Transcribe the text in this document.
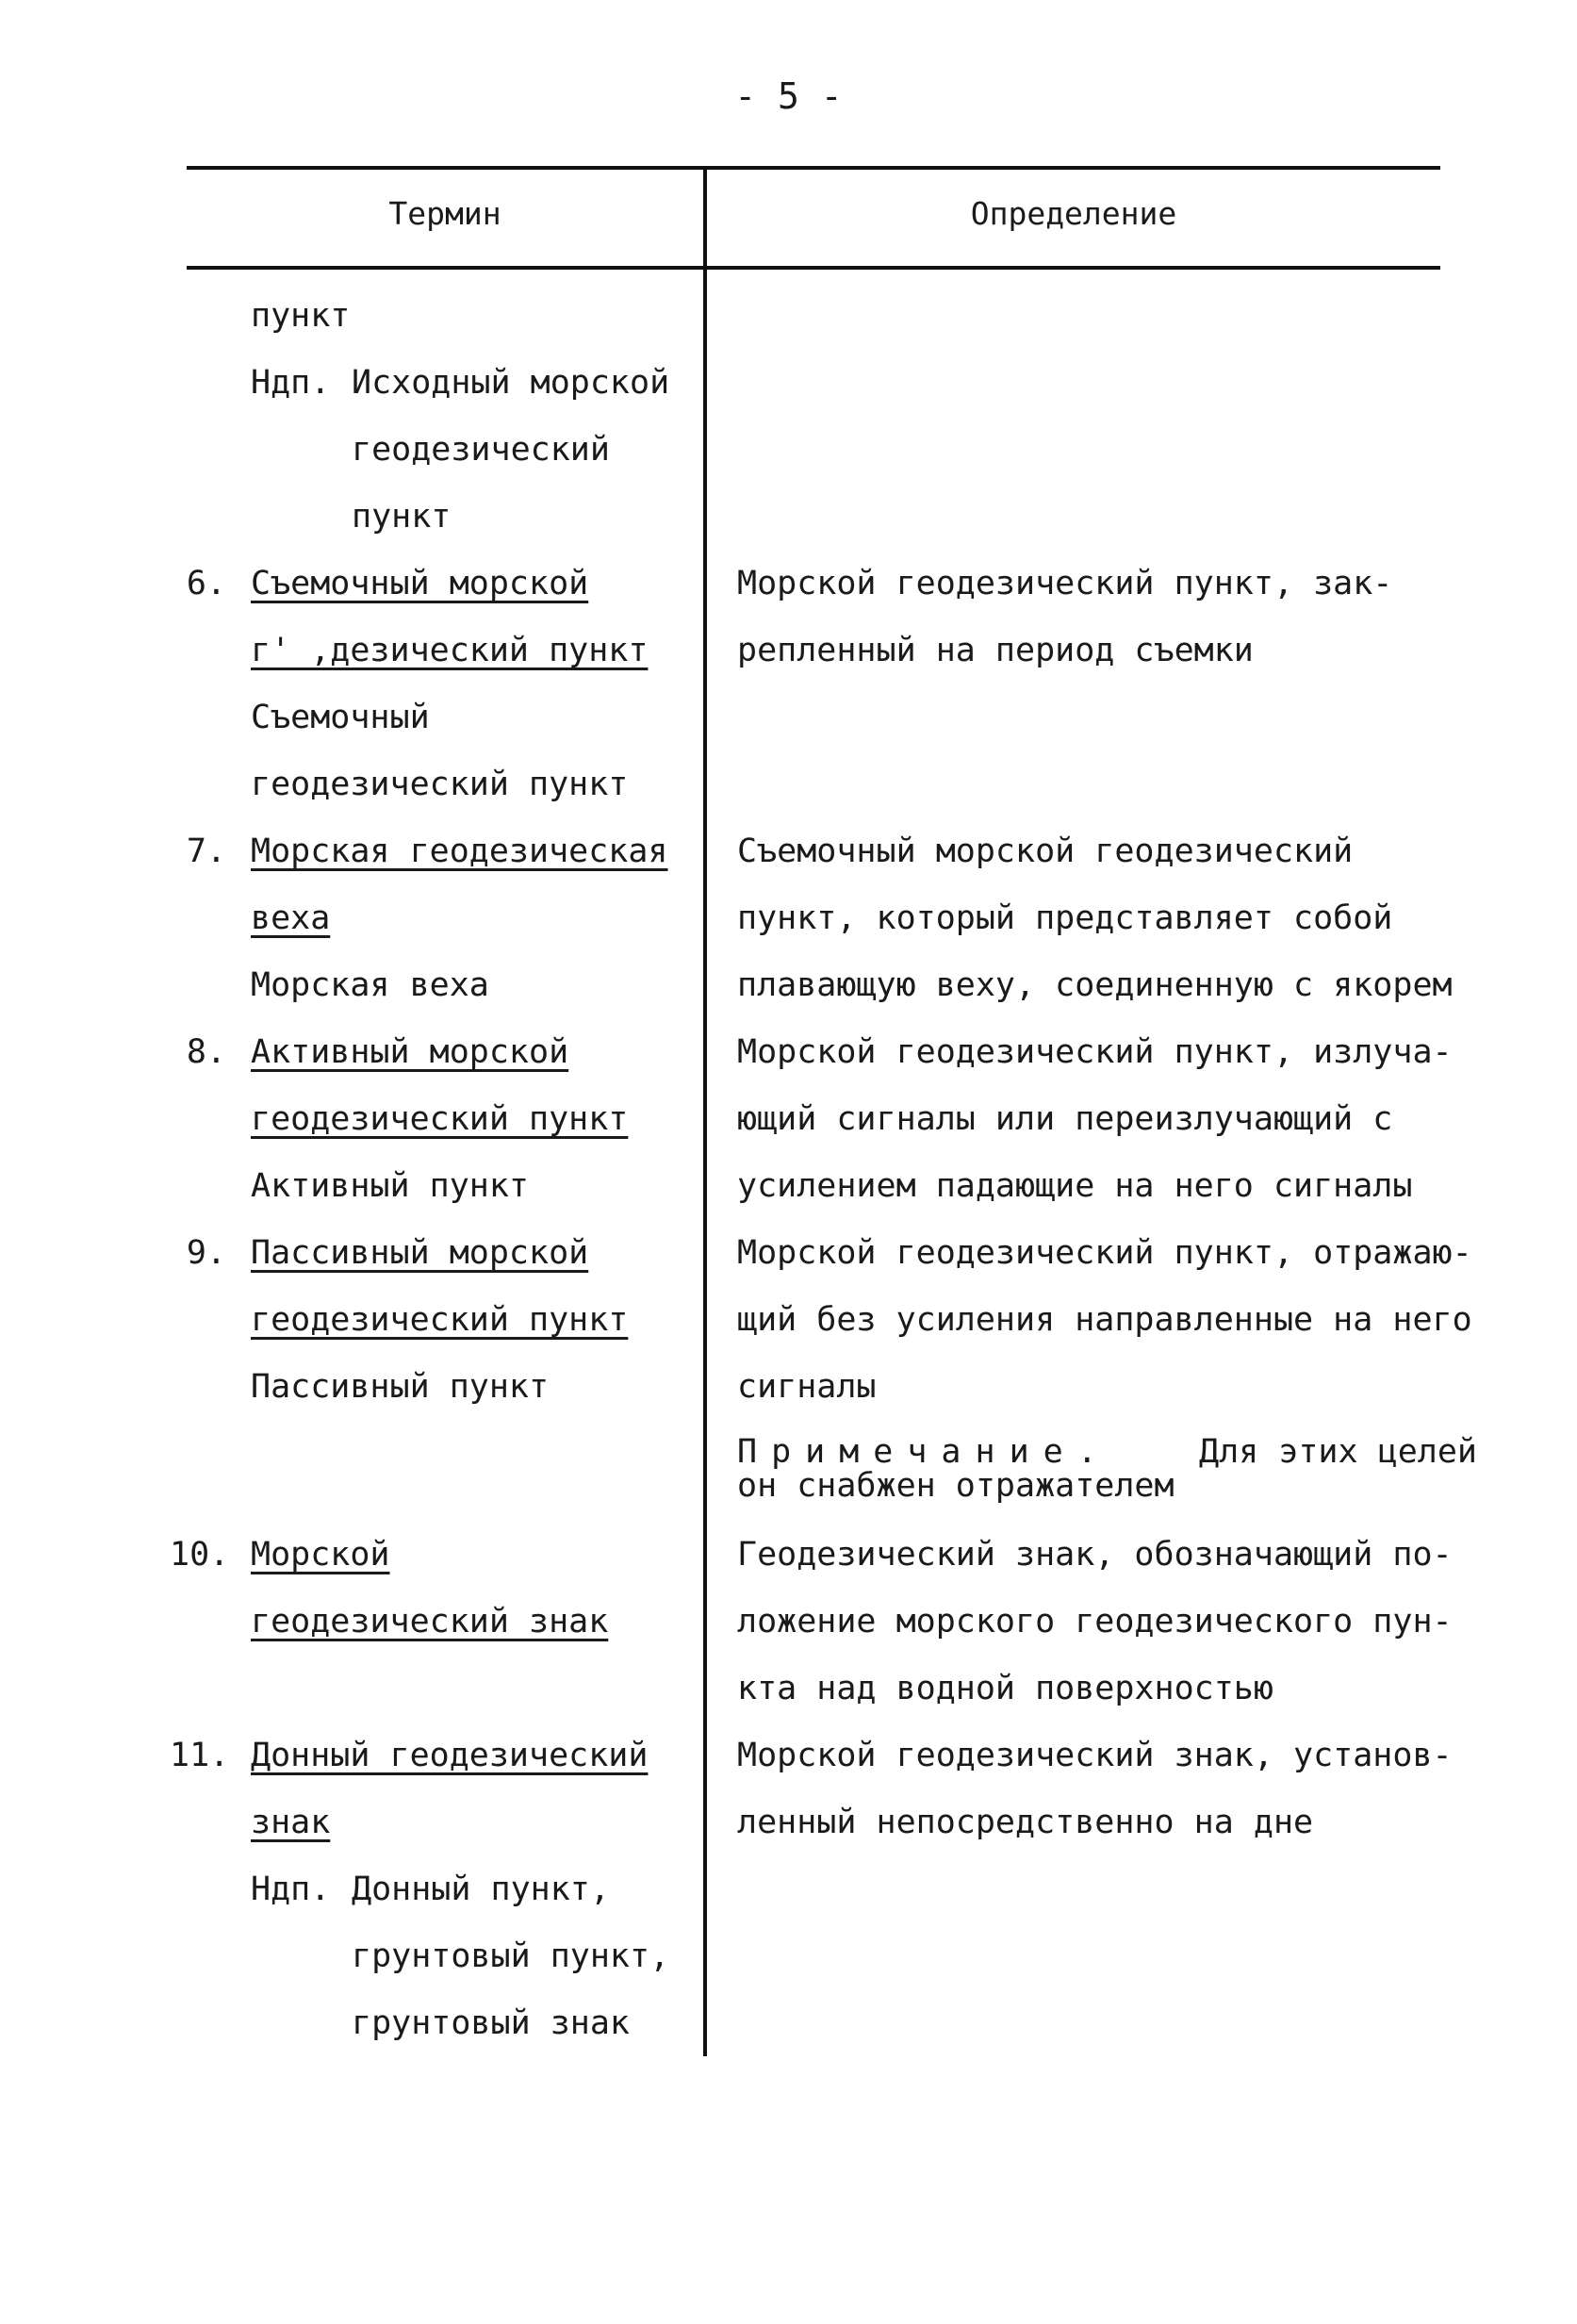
- 5 -
Термин	Определение
пункт
Ндп. Исходный морской
геодезический
пункт
6. Съемочный морской
г' ,дезический пункт
Съемочный
геодезический пункт
Морской геодезический пункт, зак-
репленный на период съемки
7. Морская геодезическая
веха
Морская веха
Съемочный морской геодезический
пункт, который представляет собой
плавающую веху, соединенную с якорем
8. Активный морской
геодезический пункт
Активный пункт
Морской геодезический пункт, излуча-
ющий сигналы или переизлучающий с
усилением падающие на него сигналы
9. Пассивный морской
геодезический пункт
Пассивный пункт
Морской геодезический пункт, отражаю-
щий без усиления направленные на него
сигналы
Примечание.	Для этих целей
он снабжен отражателем
10. Морской
геодезический знак
Геодезический знак, обозначающий по-
ложение морского геодезического пун-
кта над водной поверхностью
11. Донный геодезический
знак
Ндп. Донный пункт,
грунтовый пункт,
грунтовый знак
Морской геодезический знак, установ-
ленный непосредственно на дне
